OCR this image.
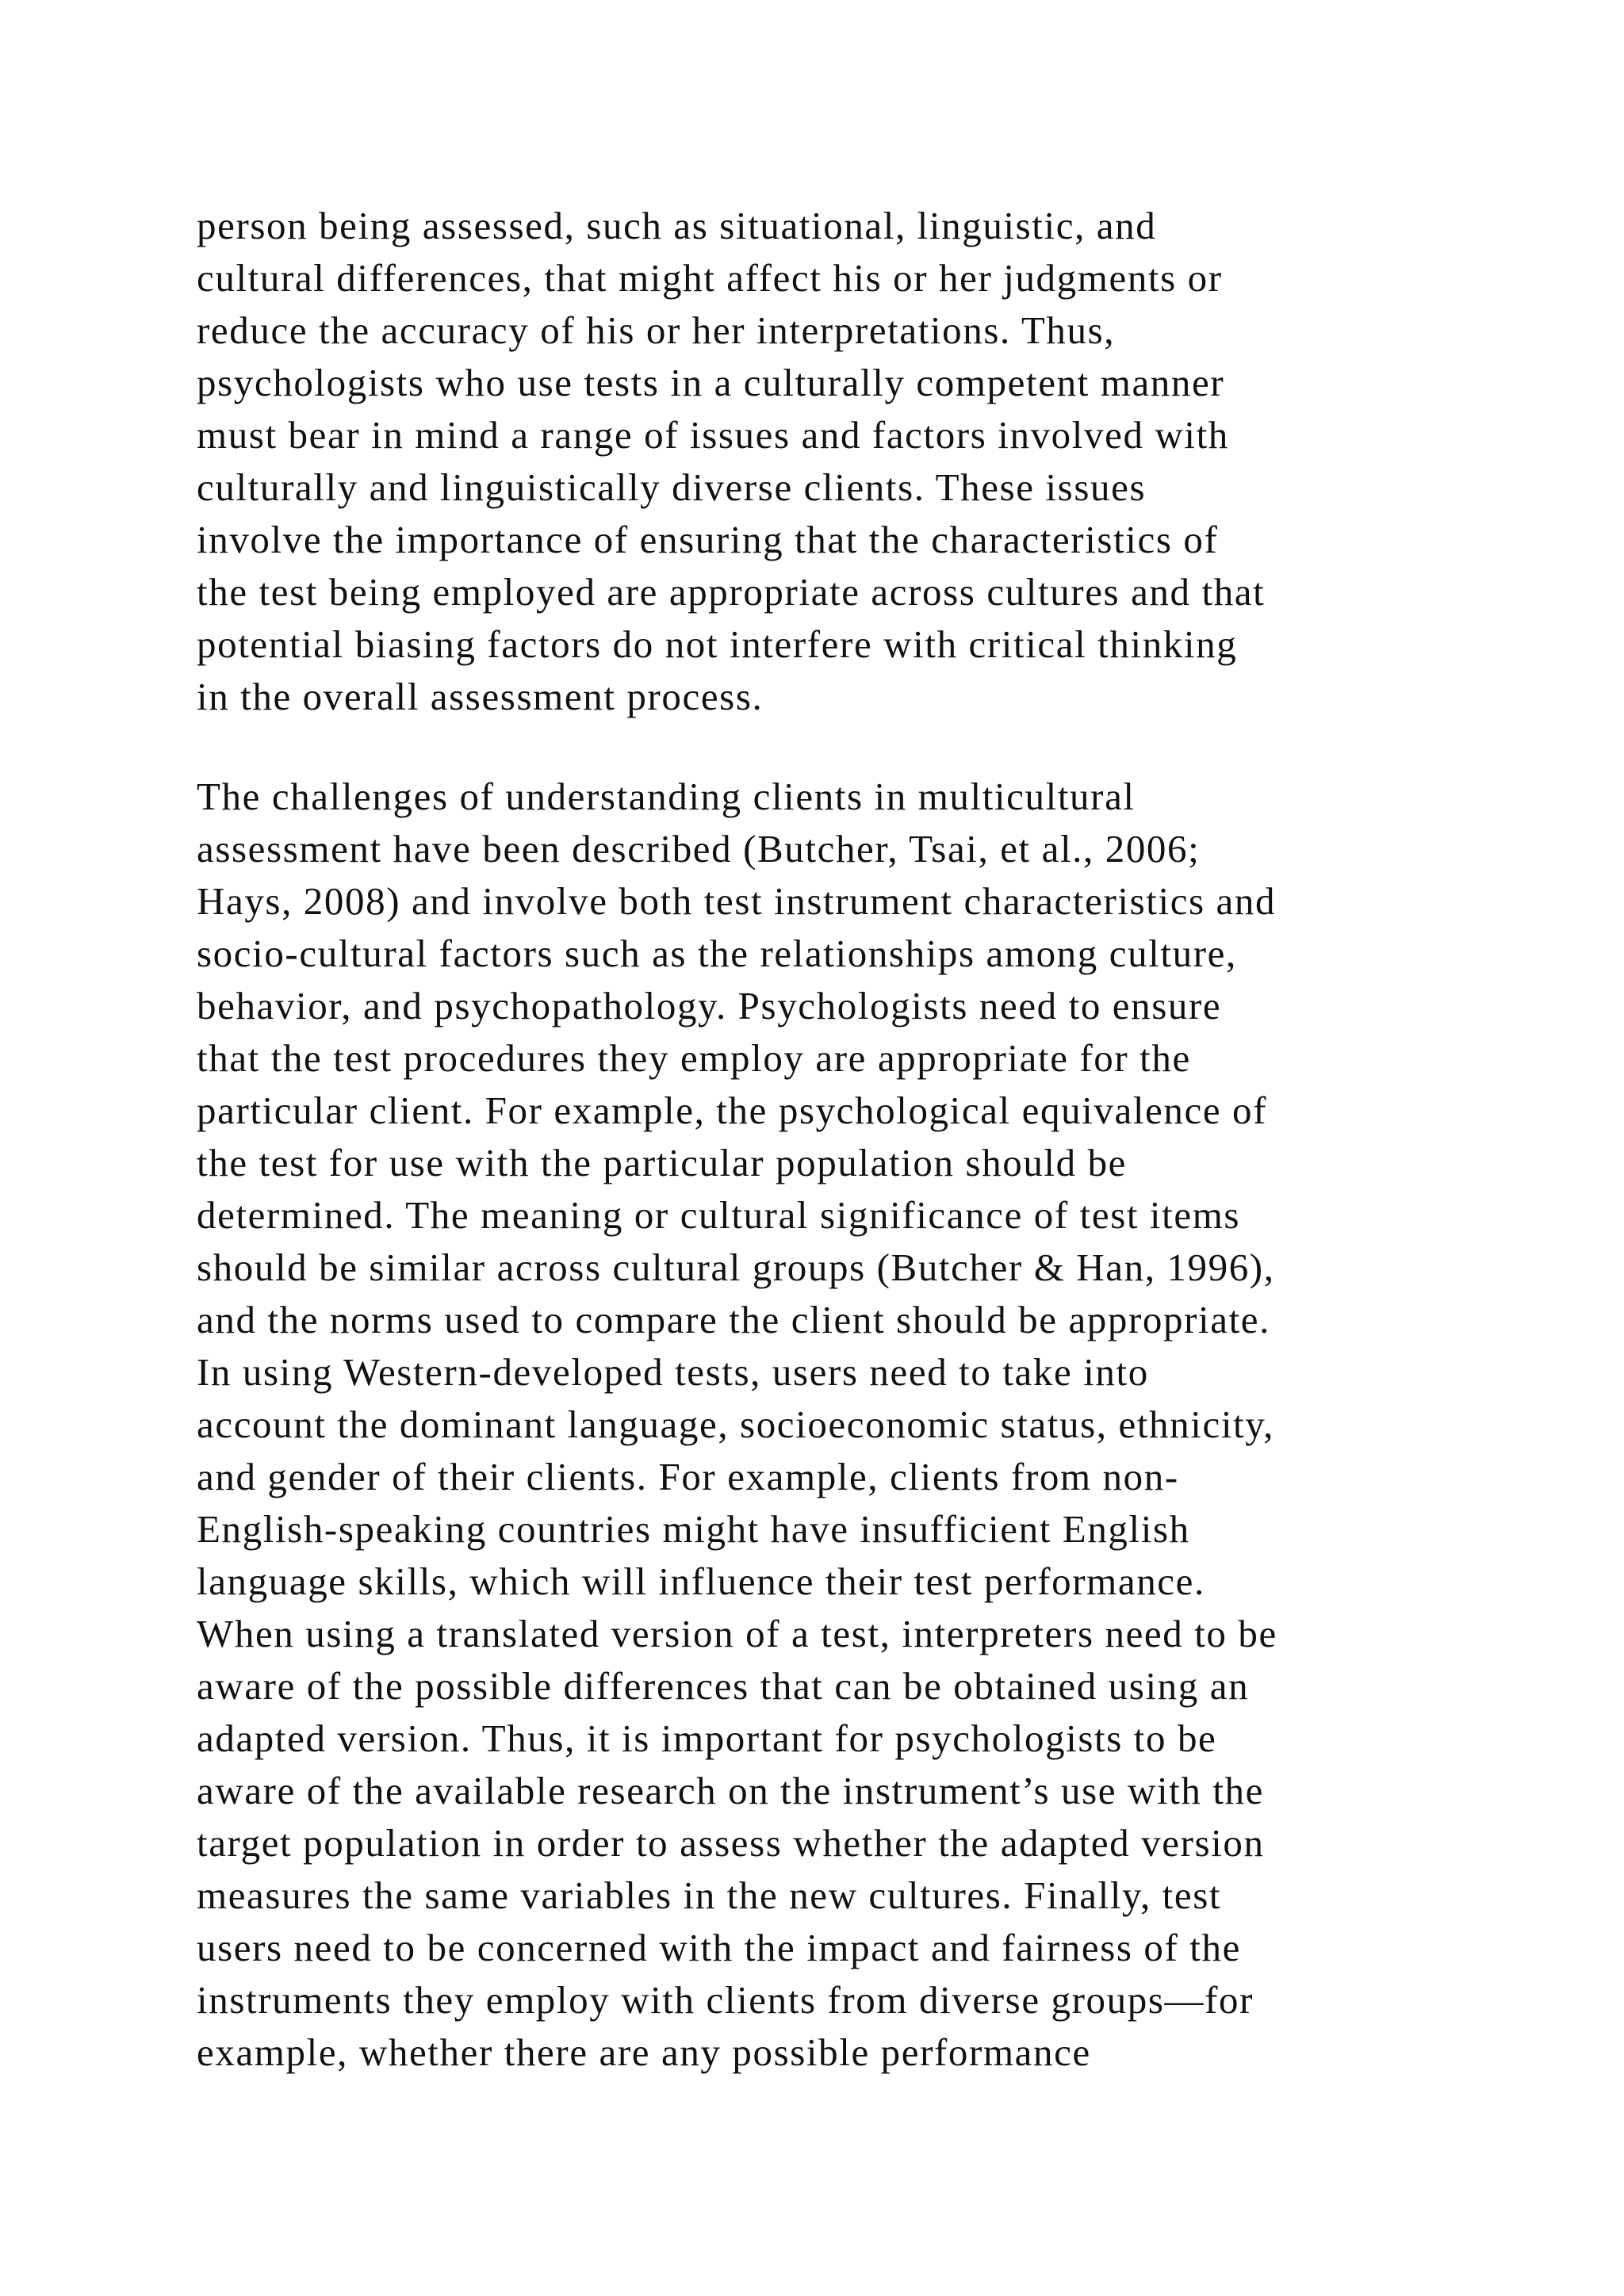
person being assessed, such as situational, linguistic, and
cultural differences, that might affect his or her judgments or
reduce the accuracy of his or her interpretations. Thus,
psychologists who use tests in a culturally competent manner
must bear in mind a range of issues and factors involved with
culturally and linguistically diverse clients. These issues
involve the importance of ensuring that the characteristics of
the test being employed are appropriate across cultures and that
potential biasing factors do not interfere with critical thinking
in the overall assessment process.

The challenges of understanding clients in multicultural
assessment have been described (Butcher, Tsai, et al., 2006;
Hays, 2008) and involve both test instrument characteristics and
socio-cultural factors such as the relationships among culture,
behavior, and psychopathology. Psychologists need to ensure
that the test procedures they employ are appropriate for the
particular client. For example, the psychological equivalence of
the test for use with the particular population should be
determined. The meaning or cultural significance of test items
should be similar across cultural groups (Butcher & Han, 1996),
and the norms used to compare the client should be appropriate.
In using Western-developed tests, users need to take into
account the dominant language, socioeconomic status, ethnicity,
and gender of their clients. For example, clients from non-
English-speaking countries might have insufficient English
language skills, which will influence their test performance.
When using a translated version of a test, interpreters need to be
aware of the possible differences that can be obtained using an
adapted version. Thus, it is important for psychologists to be
aware of the available research on the instrument’s use with the
target population in order to assess whether the adapted version
measures the same variables in the new cultures. Finally, test
users need to be concerned with the impact and fairness of the
instruments they employ with clients from diverse groups—for
example, whether there are any possible performance
